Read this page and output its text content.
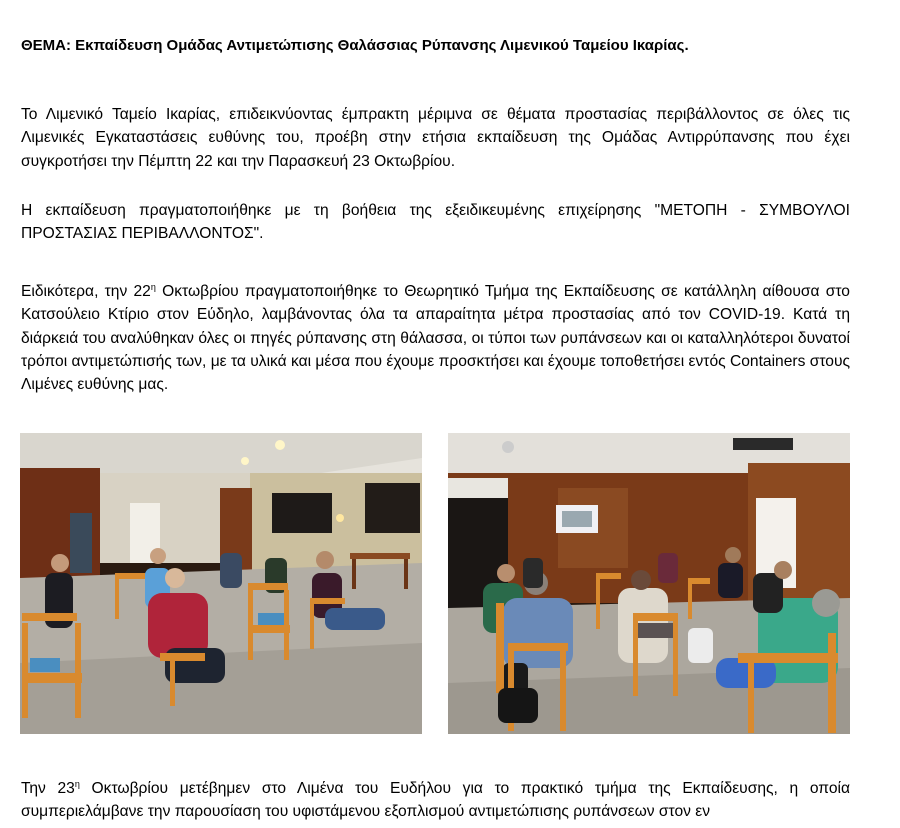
ΘΕΜΑ: Εκπαίδευση Ομάδας Αντιμετώπισης Θαλάσσιας Ρύπανσης Λιμενικού Ταμείου Ικαρίας.

Το Λιμενικό Ταμείο Ικαρίας, επιδεικνύοντας έμπρακτη μέριμνα σε θέματα προστασίας περιβάλλοντος σε όλες τις Λιμενικές Εγκαταστάσεις ευθύνης του, προέβη στην ετήσια εκπαίδευση της Ομάδας Αντιρρύπανσης που έχει συγκροτήσει την Πέμπτη 22 και την Παρασκευή 23 Οκτωβρίου.

Η εκπαίδευση πραγματοποιήθηκε με τη βοήθεια της εξειδικευμένης επιχείρησης "ΜΕΤΟΠΗ - ΣΥΜΒΟΥΛΟΙ ΠΡΟΣΤΑΣΙΑΣ ΠΕΡΙΒΑΛΛΟΝΤΟΣ".

Ειδικότερα, την $22^\eta$ Οκτωβρίου πραγματοποιήθηκε το Θεωρητικό Τμήμα της Εκπαίδευσης σε κατάλληλη αίθουσα στο Κατσούλειο Κτίριο στον Εύδηλο, λαμβάνοντας όλα τα απαραίτητα μέτρα προστασίας από τον COVID-19. Κατά τη διάρκειά του αναλύθηκαν όλες οι πηγές ρύπανσης στη θάλασσα, οι τύποι των ρυπάνσεων και οι καταλληλότεροι δυνατοί τρόποι αντιμετώπισής των, με τα υλικά και μέσα που έχουμε προσκτήσει και έχουμε τοποθετήσει εντός Containers στους Λιμένες ευθύνης μας.

Την $23^\eta$ Οκτωβρίου μετέβημεν στο Λιμένα του Ευδήλου για το πρακτικό τμήμα της Εκπαίδευσης, η οποία συμπεριελάμβανε την παρουσίαση του υφιστάμενου εξοπλισμού αντιμετώπισης ρυπάνσεων στον εν
